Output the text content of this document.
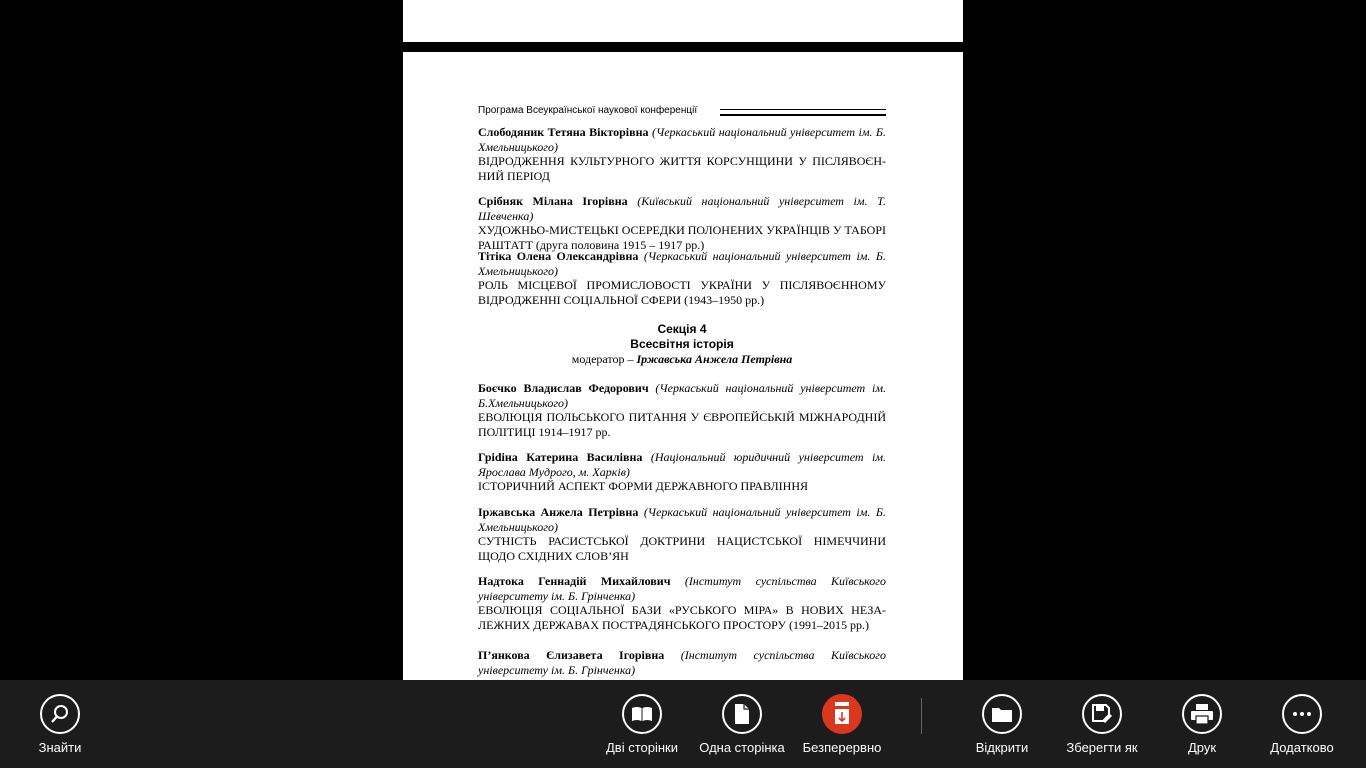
Програма Всеукраїнської наукової конференції
Слободяник Тетяна Вікторівна (Черкаський національний університет ім. Б. Хмельницького)
ВІДРОДЖЕННЯ КУЛЬТУРНОГО ЖИТТЯ КОРСУНЩИНИ У ПІСЛЯВОЄН-НИЙ ПЕРІОД
Срібняк Мілана Ігорівна (Київський національний університет ім. Т. Шевченка)
ХУДОЖНЬО-МИСТЕЦЬКІ ОСЕРЕДКИ ПОЛОНЕНИХ УКРАЇНЦІВ У ТАБОРІ РАШТАТТ (друга половина 1915 – 1917 рр.)
Тітіка Олена Олександрівна (Черкаський національний університет ім. Б. Хмельницького)
РОЛЬ МІСЦЕВОЇ ПРОМИСЛОВОСТІ УКРАЇНИ У ПІСЛЯВОЄННОМУ ВІДРОДЖЕННІ СОЦІАЛЬНОЇ СФЕРИ (1943–1950 рр.)
Секція 4
Всесвітня історія
модератор – Іржавська Анжела Петрівна
Боєчко Владислав Федорович (Черкаський національний університет ім. Б.Хмельницького)
ЕВОЛЮЦІЯ ПОЛЬСЬКОГО ПИТАННЯ У ЄВРОПЕЙСЬКІЙ МІЖНАРОДНІЙ ПОЛІТИЦІ 1914–1917 рр.
Гріdіна Катерина Василівна (Національний юридичний університет ім. Ярослава Мудрого, м. Харків)
ІСТОРИЧНИЙ АСПЕКТ ФОРМИ ДЕРЖАВНОГО ПРАВЛІННЯ
Іржавська Анжела Петрівна (Черкаський національний університет ім. Б. Хмельницького)
СУТНІСТЬ РАСИСТСЬКОЇ ДОКТРИНИ НАЦИСТСЬКОЇ НІМЕЧЧИНИ ЩОДО СХІДНИХ СЛОВ’ЯН
Надтока Геннадій Михайлович (Інститут суспільства Київського університету ім. Б. Грінченка)
ЕВОЛЮЦІЯ СОЦІАЛЬНОЇ БАЗИ «РУСЬКОГО МІРА» В НОВИХ НЕЗА-ЛЕЖНИХ ДЕРЖАВАХ ПОСТРАДЯНСЬКОГО ПРОСТОРУ (1991–2015 рр.)
П’янкова Єлизавета Ігорівна (Інститут суспільства Київського університету ім. Б. Грінченка)
Знайти	Дві сторінки	Одна сторінка	Безперервно	Відкрити	Зберегти як	Друк	Додатково
